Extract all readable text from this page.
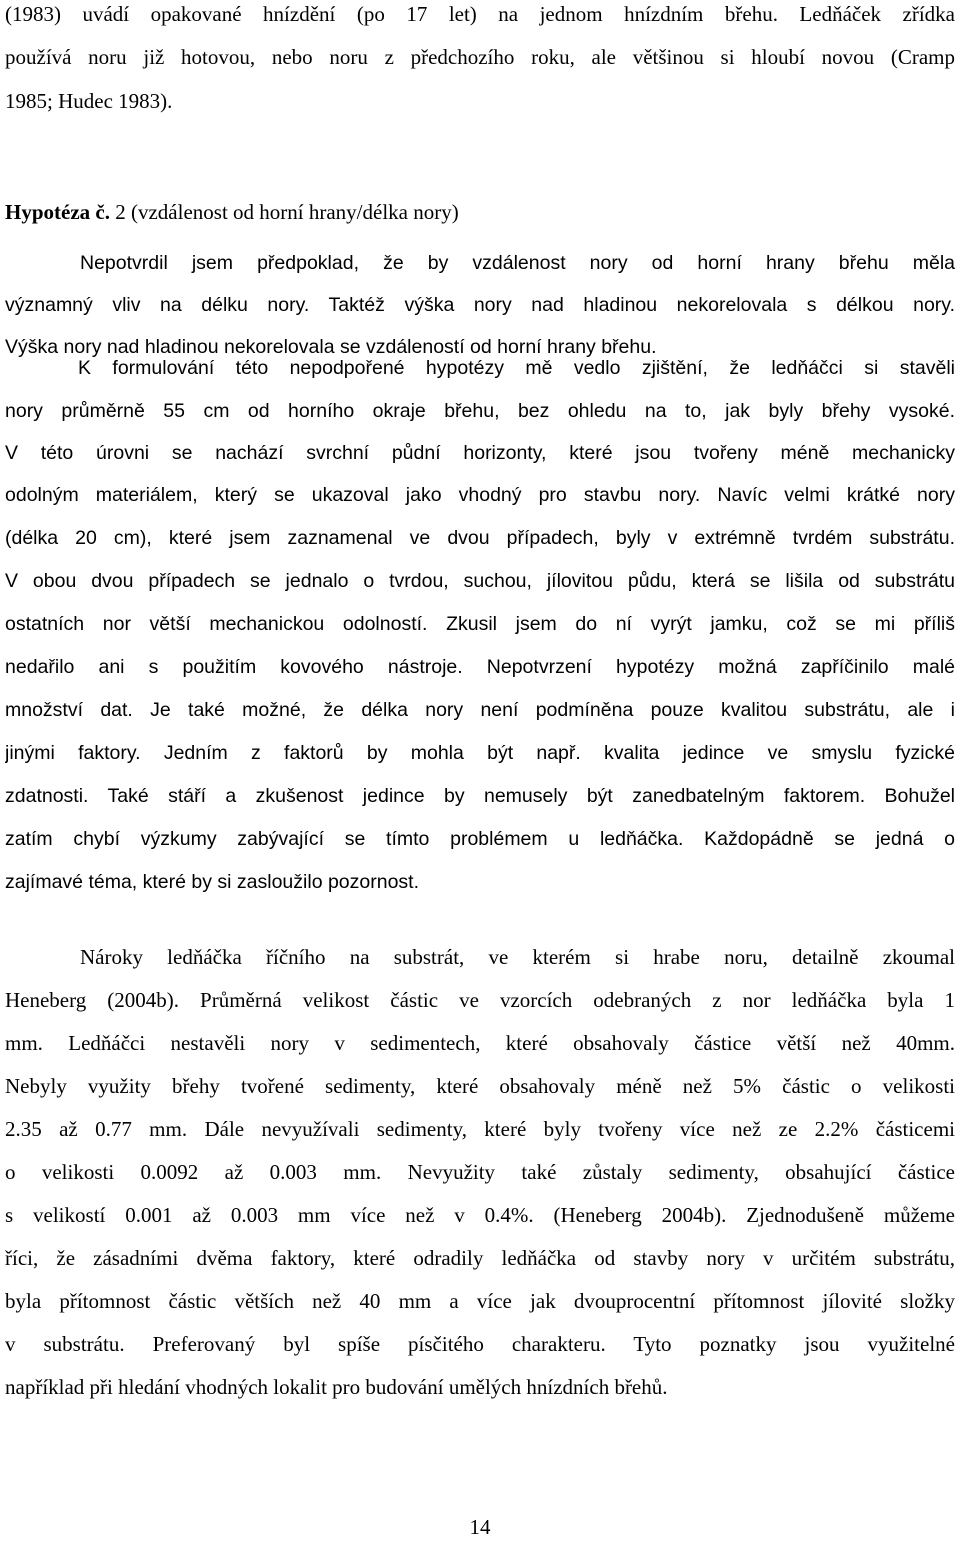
(1983) uvádí opakované hnízdění (po 17 let) na jednom hnízdním břehu. Ledňáček zřídka
používá noru již hotovou, nebo noru z předchozího roku, ale většinou si hloubí novou (Cramp
1985; Hudec 1983).
Hypotéza č. 2 (vzdálenost od horní hrany/délka nory)
Nepotvrdil jsem předpoklad, že by vzdálenost nory od horní hrany břehu měla
významný vliv na délku nory. Taktéž výška nory nad hladinou nekorelovala s délkou nory.
Výška nory nad hladinou nekorelovala se vzdáleností od horní hrany břehu.
K formulování této nepodpořené hypotézy mě vedlo zjištění, že ledňáčci si stavěli
nory průměrně 55 cm od horního okraje břehu, bez ohledu na to, jak byly břehy vysoké.
V této úrovni se nachází svrchní půdní horizonty, které jsou tvořeny méně mechanicky
odolným materiálem, který se ukazoval jako vhodný pro stavbu nory. Navíc velmi krátké nory
(délka 20 cm), které jsem zaznamenal ve dvou případech, byly v extrémně tvrdém substrátu.
V obou dvou případech se jednalo o tvrdou, suchou, jílovitou půdu, která se lišila od substrátu
ostatních nor větší mechanickou odolností. Zkusil jsem do ní vyrýt jamku, což se mi příliš
nedařilo ani s použitím kovového nástroje. Nepotvrzení hypotézy možná zapříčinilo malé
množství dat. Je také možné, že délka nory není podmíněna pouze kvalitou substrátu, ale i
jinými faktory. Jedním z faktorů by mohla být např. kvalita jedince ve smyslu fyzické
zdatnosti. Také stáří a zkušenost jedince by nemusely být zanedbatelným faktorem. Bohužel
zatím chybí výzkumy zabývající se tímto problémem u ledňáčka. Každopádně se jedná o
zajímavé téma, které by si zasloužilo pozornost.
Nároky ledňáčka říčního na substrát, ve kterém si hrabe noru, detailně zkoumal
Heneberg (2004b). Průměrná velikost částic ve vzorcích odebraných z nor ledňáčka byla 1
mm. Ledňáčci nestavěli nory v sedimentech, které obsahovaly částice větší než 40mm.
Nebyly využity břehy tvořené sedimenty, které obsahovaly méně než 5% částic o velikosti
2.35 až 0.77 mm. Dále nevyužívali sedimenty, které byly tvořeny více než ze 2.2% částicemi
o velikosti 0.0092 až 0.003 mm. Nevyužity také zůstaly sedimenty, obsahující částice
s velikostí 0.001 až 0.003 mm více než v 0.4%. (Heneberg 2004b). Zjednodušeně můžeme
říci, že zásadními dvěma faktory, které odradily ledňáčka od stavby nory v určitém substrátu,
byla přítomnost částic větších než 40 mm a více jak dvouprocentní přítomnost jílovité složky
v substrátu. Preferovaný byl spíše písčitého charakteru. Tyto poznatky jsou využitelné
například při hledání vhodných lokalit pro budování umělých hnízdních břehů.
14
